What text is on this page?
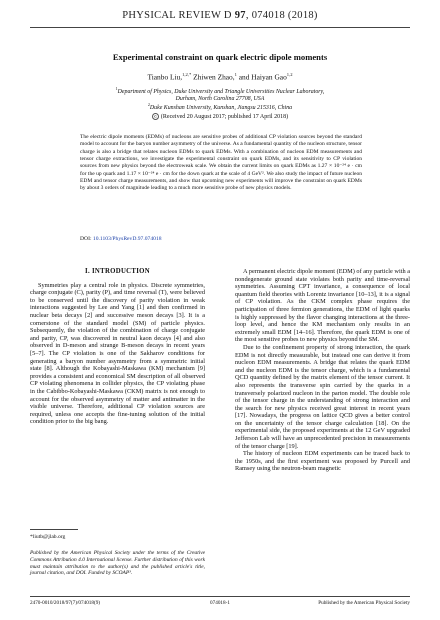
PHYSICAL REVIEW D 97, 074018 (2018)
Experimental constraint on quark electric dipole moments
Tianbo Liu,$^{1,2,*}$ Zhiwen Zhao,$^1$ and Haiyan Gao$^{1,2}$
$^1$Department of Physics, Duke University and Triangle Universities Nuclear Laboratory,
Durham, North Carolina 27708, USA
$^2$Duke Kunshan University, Kunshan, Jiangsu 215316, China
© (Received 20 August 2017; published 17 April 2018)
The electric dipole moments (EDMs) of nucleons are sensitive probes of additional CP violation sources beyond the standard model to account for the baryon number asymmetry of the universe. As a fundamental quantity of the nucleon structure, tensor charge is also a bridge that relates nucleon EDMs to quark EDMs. With a combination of nucleon EDM measurements and tensor charge extractions, we investigate the experimental constraint on quark EDMs, and its sensitivity to CP violation sources from new physics beyond the electroweak scale. We obtain the current limits on quark EDMs as 1.27 × 10⁻²⁴ e · cm for the up quark and 1.17 × 10⁻²⁴ e · cm for the down quark at the scale of 4 GeV². We also study the impact of future nucleon EDM and tensor charge measurements, and show that upcoming new experiments will improve the constraint on quark EDMs by about 3 orders of magnitude leading to a much more sensitive probe of new physics models.
DOI: 10.1103/PhysRevD.97.074018
I. INTRODUCTION
Symmetries play a central role in physics. Discrete symmetries, charge conjugate (C), parity (P), and time reversal (T), were believed to be conserved until the discovery of parity violation in weak interactions suggested by Lee and Yang [1] and then confirmed in nuclear beta decays [2] and successive meson decays [3]. It is a cornerstone of the standard model (SM) of particle physics. Subsequently, the violation of the combination of charge conjugate and parity, CP, was discovered in neutral kaon decays [4] and also observed in D-meson and strange B-meson decays in recent years [5–7]. The CP violation is one of the Sakharov conditions for generating a baryon number asymmetry from a symmetric initial state [8]. Although the Kobayashi-Maskawa (KM) mechanism [9] provides a consistent and economical SM description of all observed CP violating phenomena in collider physics, the CP violating phase in the Cabibbo-Kobayashi-Maskawa (CKM) matrix is not enough to account for the observed asymmetry of matter and antimatter in the visible universe. Therefore, additional CP violation sources are required, unless one accepts the fine-tuning solution of the initial condition prior to the big bang.
*liutb@jlab.org
Published by the American Physical Society under the terms of the Creative Commons Attribution 4.0 International license. Further distribution of this work must maintain attribution to the author(s) and the published article's title, journal citation, and DOI. Funded by SCOAP³.
A permanent electric dipole moment (EDM) of any particle with a nondegenerate ground state violates both parity and time-reversal symmetries. Assuming CPT invariance, a consequence of local quantum field theories with Lorentz invariance [10–13], it is a signal of CP violation. As the CKM complex phase requires the participation of three fermion generations, the EDM of light quarks is highly suppressed by the flavor changing interactions at the three-loop level, and hence the KM mechanism only results in an extremely small EDM [14–16]. Therefore, the quark EDM is one of the most sensitive probes to new physics beyond the SM.
Due to the confinement property of strong interaction, the quark EDM is not directly measurable, but instead one can derive it from nucleon EDM measurements. A bridge that relates the quark EDM and the nucleon EDM is the tensor charge, which is a fundamental QCD quantity defined by the matrix element of the tensor current. It also represents the transverse spin carried by the quarks in a transversely polarized nucleon in the parton model. The double role of the tensor charge in the understanding of strong interaction and the search for new physics received great interest in recent years [17]. Nowadays, the progress on lattice QCD gives a better control on the uncertainty of the tensor charge calculation [18]. On the experimental side, the proposed experiments at the 12 GeV upgraded Jefferson Lab will have an unprecedented precision in measurements of the tensor charge [19].
The history of nucleon EDM experiments can be traced back to the 1950s, and the first experiment was proposed by Purcell and Ramsey using the neutron-beam magnetic
2470-0010/2018/97(7)/074018(9)	074018-1	Published by the American Physical Society
